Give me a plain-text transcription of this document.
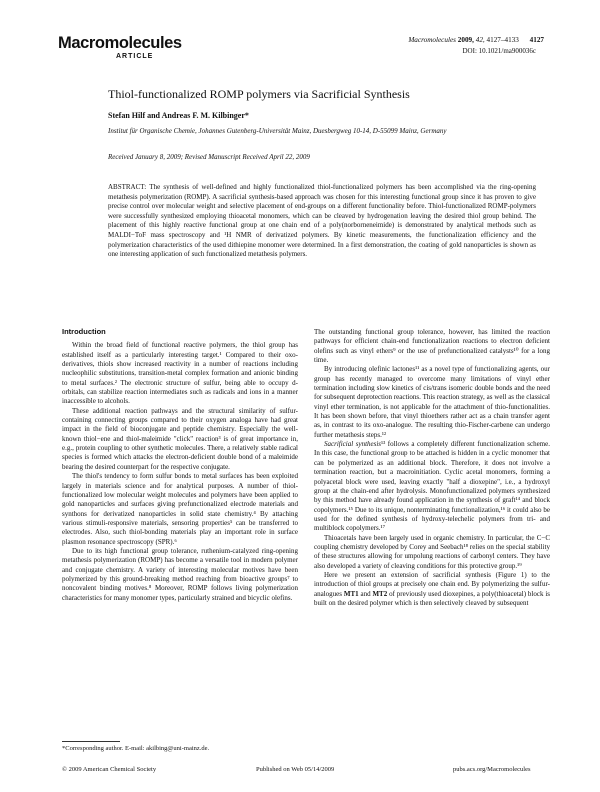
Macromolecules
ARTICLE
Macromolecules 2009, 42, 4127–4133 4127
DOI: 10.1021/ma900036c
Thiol-functionalized ROMP polymers via Sacrificial Synthesis
Stefan Hilf and Andreas F. M. Kilbinger*
Institut für Organische Chemie, Johannes Gutenberg-Universität Mainz, Duesbergweg 10-14, D-55099 Mainz, Germany
Received January 8, 2009; Revised Manuscript Received April 22, 2009
ABSTRACT: The synthesis of well-defined and highly functionalized thiol-functionalized polymers has been accomplished via the ring-opening metathesis polymerization (ROMP). A sacrificial synthesis-based approach was chosen for this interesting functional group since it has proven to give precise control over molecular weight and selective placement of end-groups on a different functionality before. Thiol-functionalized ROMP-polymers were successfully synthesized employing thioacetal monomers, which can be cleaved by hydrogenation leaving the desired thiol group behind. The placement of this highly reactive functional group at one chain end of a poly(norborneneimide) is demonstrated by analytical methods such as MALDI−ToF mass spectroscopy and ¹H NMR of derivatized polymers. By kinetic measurements, the functionalization efficiency and the polymerization characteristics of the used dithiepine monomer were determined. In a first demonstration, the coating of gold nanoparticles is shown as one interesting application of such functionalized metathesis polymers.

Introduction

Within the broad field of functional reactive polymers, the thiol group has established itself as a particularly interesting target.¹ Compared to their oxo-derivatives, thiols show increased reactivity in a number of reactions including nucleophilic substitutions, transition-metal complex formation and anionic binding to metal surfaces.² The electronic structure of sulfur, being able to occupy d-orbitals, can stabilize reaction intermediates such as radicals and ions in a manner inaccessible to alcohols.

These additional reaction pathways and the structural similarity of sulfur-containing connecting groups compared to their oxygen analoga have had great impact in the field of bioconjugate and peptide chemistry. Especially the well-known thiol−ene and thiol-maleimide "click" reaction³ is of great importance in, e.g., protein coupling to other synthetic molecules. There, a relatively stable radical species is formed which attacks the electron-deficient double bond of a maleimide bearing the desired counterpart for the respective conjugate.

The thiol's tendency to form sulfur bonds to metal surfaces has been exploited largely in materials science and for analytical purposes. A number of thiol-functionalized low molecular weight molecules and polymers have been applied to gold nanoparticles and surfaces giving prefunctionalized electrode materials and synthons for derivatized nanoparticles in solid state chemistry.⁴ By attaching various stimuli-responsive materials, sensoring properties⁵ can be transferred to electrodes. Also, such thiol-bonding materials play an important role in surface plasmon resonance spectroscopy (SPR).⁶

Due to its high functional group tolerance, ruthenium-catalyzed ring-opening metathesis polymerization (ROMP) has become a versatile tool in modern polymer and conjugate chemistry. A variety of interesting molecular motives have been polymerized by this ground-breaking method reaching from bioactive groups⁷ to noncovalent binding motives.⁸ Moreover, ROMP follows living polymerization characteristics for many monomer types, particularly strained and bicyclic olefins.

The outstanding functional group tolerance, however, has limited the reaction pathways for efficient chain-end functionalization reactions to electron deficient olefins such as vinyl ethers⁹ or the use of prefunctionalized catalysts¹⁰ for a long time.

By introducing olefinic lactones¹¹ as a novel type of functionalizing agents, our group has recently managed to overcome many limitations of vinyl ether termination including slow kinetics of cis/trans isomeric double bonds and the need for subsequent deprotection reactions. This reaction strategy, as well as the classical vinyl ether termination, is not applicable for the attachment of thio-functionalities. It has been shown before, that vinyl thioethers rather act as a chain transfer agent as, in contrast to its oxo-analogue. The resulting thio-Fischer-carbene can undergo further metathesis steps.¹²

Sacrificial synthesis¹³ follows a completely different functionalization scheme. In this case, the functional group to be attached is hidden in a cyclic monomer that can be polymerized as an additional block. Therefore, it does not involve a termination reaction, but a macroinitiation. Cyclic acetal monomers, forming a polyacetal block were used, leaving exactly "half a dioxepine", i.e., a hydroxyl group at the chain-end after hydrolysis. Monofunctionalized polymers synthesized by this method have already found application in the synthesis of graft¹⁴ and block copolymers.¹⁵ Due to its unique, nonterminating functionalization,¹⁶ it could also be used for the defined synthesis of hydroxy-telechelic polymers from tri- and multiblock copolymers.¹⁷

Thioacetals have been largely used in organic chemistry. In particular, the C−C coupling chemistry developed by Corey and Seebach¹⁸ relies on the special stability of these structures allowing for umpolung reactions of carbonyl centers. They have also developed a variety of cleaving conditions for this protective group.¹⁹

Here we present an extension of sacrificial synthesis (Figure 1) to the introduction of thiol groups at precisely one chain end. By polymerizing the sulfur-analogues MT1 and MT2 of previously used dioxepines, a poly(thioacetal) block is built on the desired polymer which is then selectively cleaved by subsequent

*Corresponding author. E-mail: akilbing@uni-mainz.de.
© 2009 American Chemical Society	Published on Web 05/14/2009	pubs.acs.org/Macromolecules
